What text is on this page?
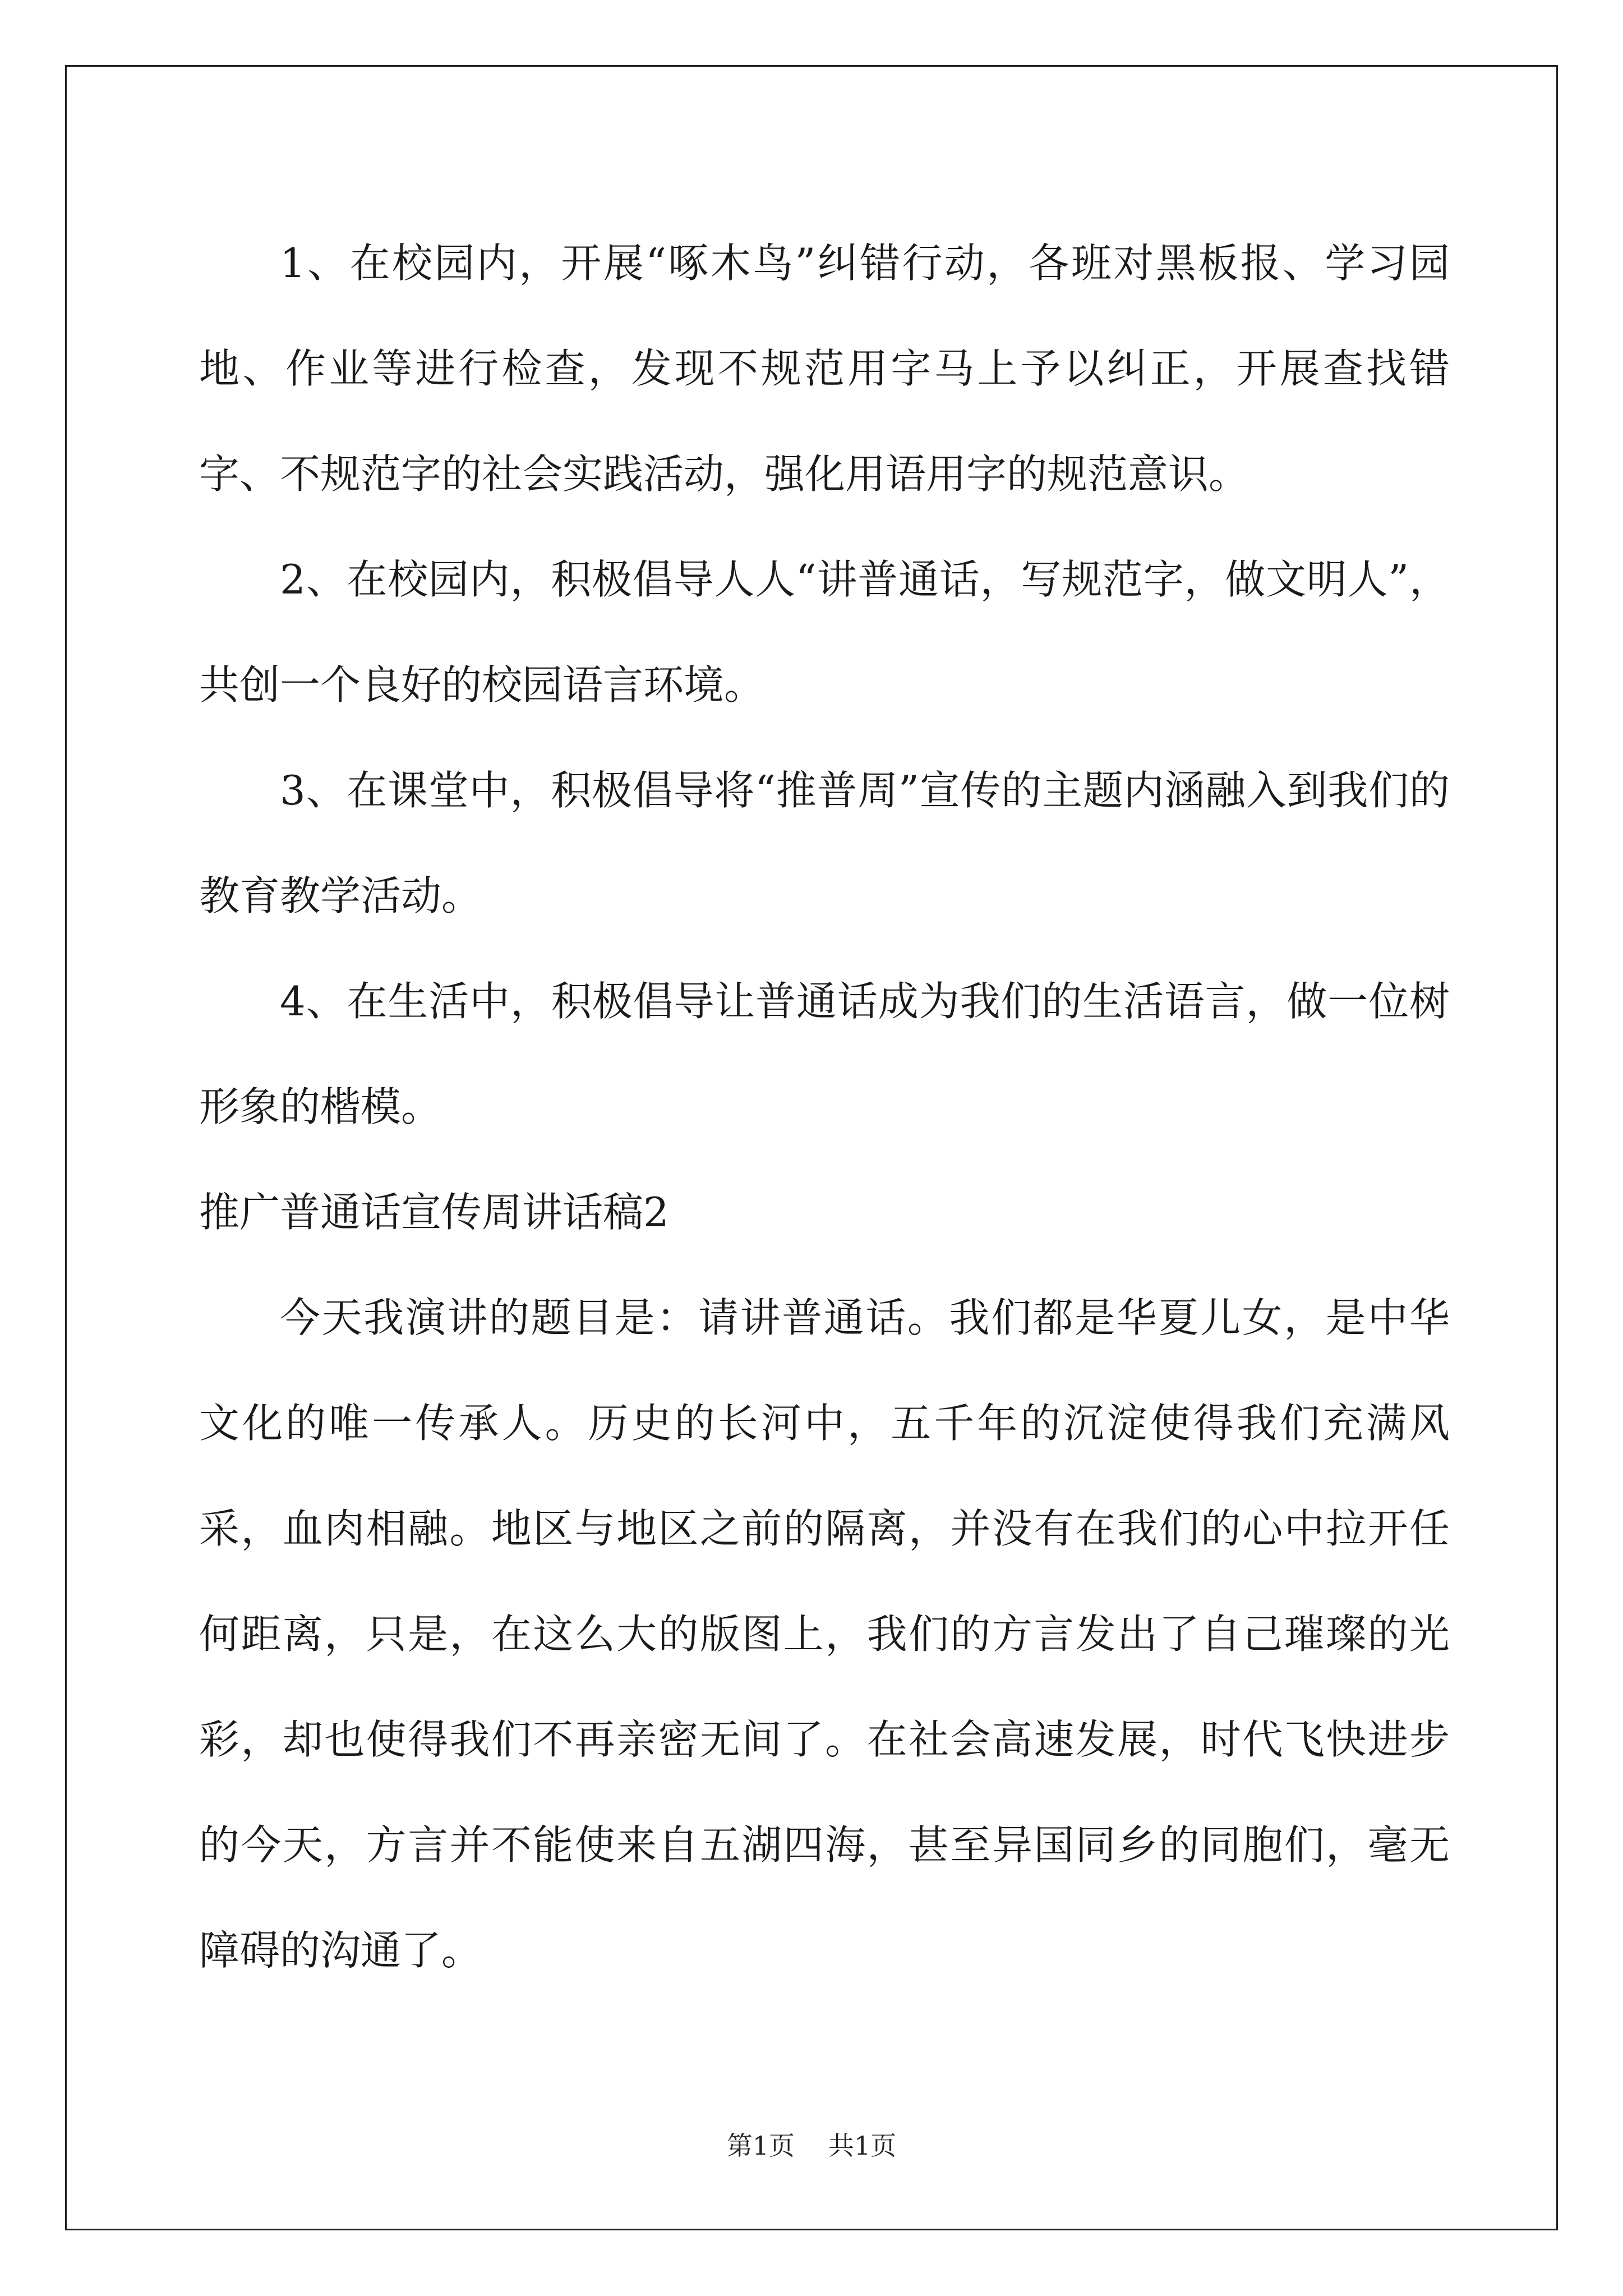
1、在校园内，开展“啄木鸟”纠错行动，各班对黑板报、学习园地、作业等进行检查，发现不规范用字马上予以纠正，开展查找错字、不规范字的社会实践活动，强化用语用字的规范意识。

2、在校园内，积极倡导人人“讲普通话，写规范字，做文明人”，共创一个良好的校园语言环境。

3、在课堂中，积极倡导将“推普周”宣传的主题内涵融入到我们的教育教学活动。

4、在生活中，积极倡导让普通话成为我们的生活语言，做一位树形象的楷模。

推广普通话宣传周讲话稿2

今天我演讲的题目是：请讲普通话。我们都是华夏儿女，是中华文化的唯一传承人。历史的长河中，五千年的沉淀使得我们充满风采，血肉相融。地区与地区之前的隔离，并没有在我们的心中拉开任何距离，只是，在这么大的版图上，我们的方言发出了自己璀璨的光彩，却也使得我们不再亲密无间了。在社会高速发展，时代飞快进步的今天，方言并不能使来自五湖四海，甚至异国同乡的同胞们，毫无障碍的沟通了。

第1页 共1页
